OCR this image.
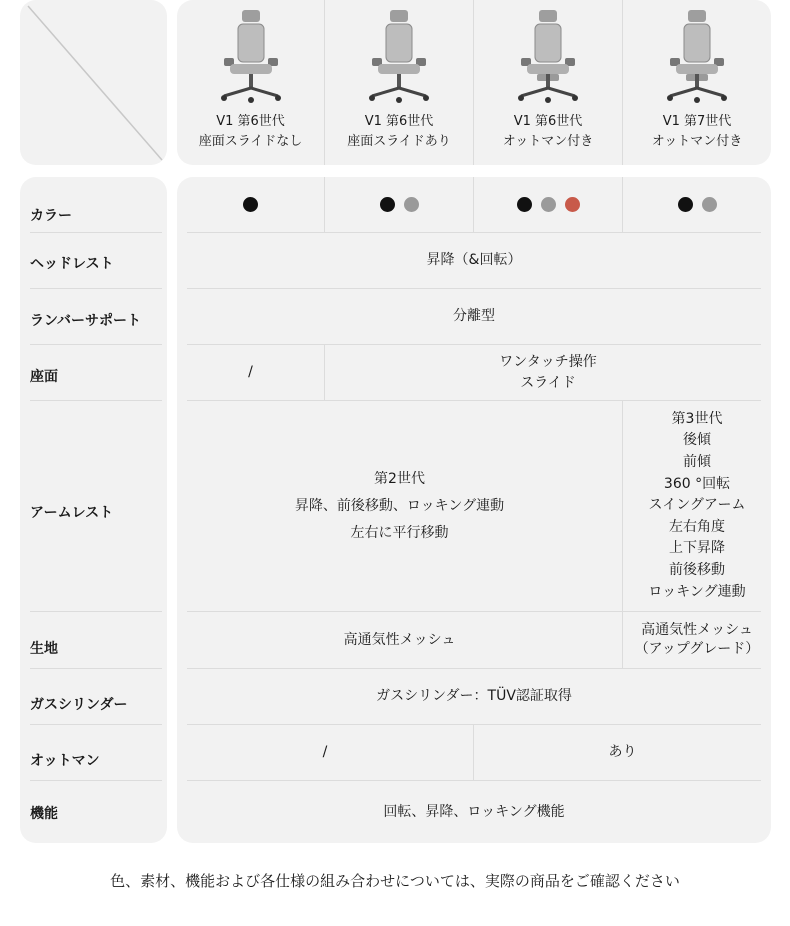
V1 第6世代
座面スライドなし
V1 第6世代
座面スライドあり
V1 第6世代
オットマン付き
V1 第7世代
オットマン付き
カラー
ヘッドレスト
ランバーサポート
座面
アームレスト
生地
ガスシリンダー
オットマン
機能
昇降（&回転）
分離型
/
ワンタッチ操作
スライド
第2世代
昇降、前後移動、ロッキング連動
左右に平行移動
第3世代
後傾
前傾
360 °回転
スイングアーム
左右角度
上下昇降
前後移動
ロッキング連動
高通気性メッシュ
高通気性メッシュ
（アップグレード）
ガスシリンダー：TÜV認証取得
/	あり
回転、昇降、ロッキング機能
色、素材、機能および各仕様の組み合わせについては、実際の商品をご確認ください
